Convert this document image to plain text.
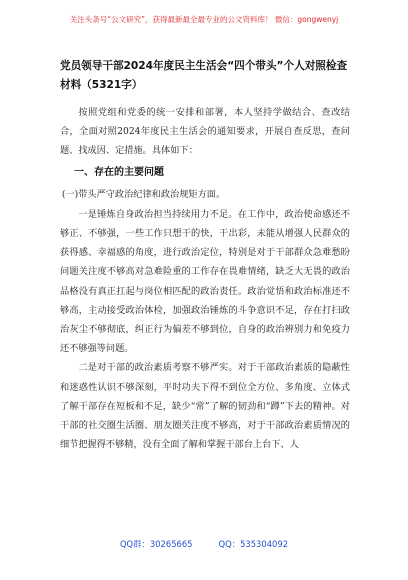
关注头条号“公文研究”，获得最新最全最专业的公文资料库！ 微信：gongwenyj
党员领导干部2024年度民主生活会“四个带头”个人对照检查材料（5321字）

按照党组和党委的统一安排和部署，本人坚持学做结合、查改结合，全面对照2024年度民主生活会的通知要求，开展自查反思，查问题、找成因、定措施。具体如下：

一、存在的主要问题

(一)带头严守政治纪律和政治规矩方面。

一是锤炼自身政治担当持续用力不足。在工作中，政治使命感还不够正、不够强，一些工作只想干的快，干出彩，未能从增强人民群众的获得感、幸福感的角度，进行政治定位，特别是对于干部群众急难愁盼问题关注度不够高对急难险重的工作存在畏难情绪，缺乏大无畏的政治品格没有真正扛起与岗位相匹配的政治责任。政治觉悟和政治标准还不够高，主动接受政治体检，加强政治锤炼的斗争意识不足，存在打扫政治灰尘不够彻底，纠正行为偏差不够到位，自身的政治辨别力和免疫力还不够强等问题。

二是对干部的政治素质考察不够严实。对于干部政治素质的隐蔽性和迷惑性认识不够深刻，平时功夫下得不到位全方位、多角度、立体式了解干部存在短板和不足，缺少“常”了解的韧劲和“蹲”下去的精神。对干部的社交圈生活圈、朋友圈关注度不够高，对于干部政治素质情况的细节把握得不够精，没有全面了解和掌握干部台上台下、人

QQ群：30265665	QQ：535304092
